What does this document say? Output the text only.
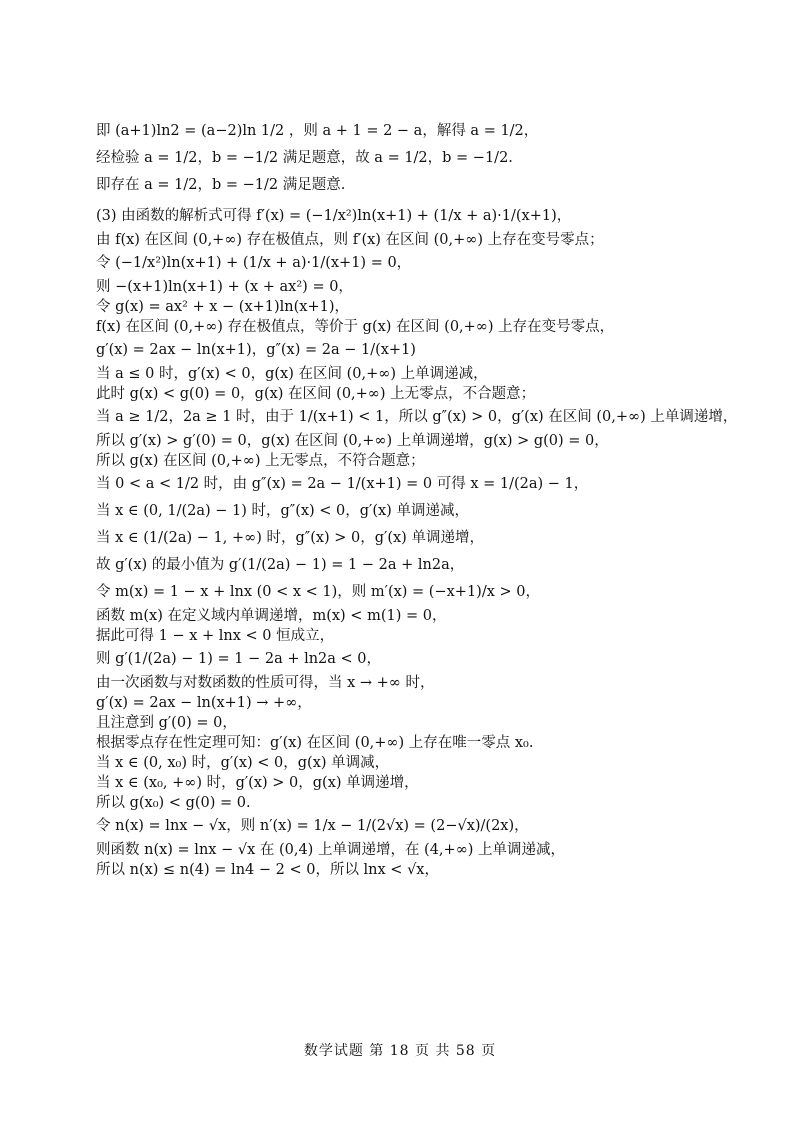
即 (a+1)ln2 = (a−2)ln 1/2 ，则 a + 1 = 2 − a，解得 a = 1/2，
经检验 a = 1/2，b = −1/2 满足题意，故 a = 1/2，b = −1/2.
即存在 a = 1/2，b = −1/2 满足题意.
(3) 由函数的解析式可得 f′(x) = (−1/x²)ln(x+1) + (1/x + a)·1/(x+1)，
由 f(x) 在区间 (0,+∞) 存在极值点，则 f′(x) 在区间 (0,+∞) 上存在变号零点；
令 (−1/x²)ln(x+1) + (1/x + a)·1/(x+1) = 0，
则 −(x+1)ln(x+1) + (x + ax²) = 0，
令 g(x) = ax² + x − (x+1)ln(x+1)，
f(x) 在区间 (0,+∞) 存在极值点，等价于 g(x) 在区间 (0,+∞) 上存在变号零点，
g′(x) = 2ax − ln(x+1)，g″(x) = 2a − 1/(x+1)
当 a ≤ 0 时，g′(x) < 0，g(x) 在区间 (0,+∞) 上单调递减，
此时 g(x) < g(0) = 0，g(x) 在区间 (0,+∞) 上无零点，不合题意；
当 a ≥ 1/2，2a ≥ 1 时，由于 1/(x+1) < 1，所以 g″(x) > 0，g′(x) 在区间 (0,+∞) 上单调递增，
所以 g′(x) > g′(0) = 0，g(x) 在区间 (0,+∞) 上单调递增，g(x) > g(0) = 0，
所以 g(x) 在区间 (0,+∞) 上无零点，不符合题意；
当 0 < a < 1/2 时，由 g″(x) = 2a − 1/(x+1) = 0 可得 x = 1/(2a) − 1，
当 x ∈ (0, 1/(2a) − 1) 时，g″(x) < 0，g′(x) 单调递减，
当 x ∈ (1/(2a) − 1, +∞) 时，g″(x) > 0，g′(x) 单调递增，
故 g′(x) 的最小值为 g′(1/(2a) − 1) = 1 − 2a + ln2a，
令 m(x) = 1 − x + lnx (0 < x < 1)，则 m′(x) = (−x+1)/x > 0，
函数 m(x) 在定义域内单调递增，m(x) < m(1) = 0，
据此可得 1 − x + lnx < 0 恒成立，
则 g′(1/(2a) − 1) = 1 − 2a + ln2a < 0，
由一次函数与对数函数的性质可得，当 x → +∞ 时，
g′(x) = 2ax − ln(x+1) → +∞，
且注意到 g′(0) = 0，
根据零点存在性定理可知：g′(x) 在区间 (0,+∞) 上存在唯一零点 x₀.
当 x ∈ (0, x₀) 时，g′(x) < 0，g(x) 单调减，
当 x ∈ (x₀, +∞) 时，g′(x) > 0，g(x) 单调递增，
所以 g(x₀) < g(0) = 0.
令 n(x) = lnx − √x，则 n′(x) = 1/x − 1/(2√x) = (2−√x)/(2x)，
则函数 n(x) = lnx − √x 在 (0,4) 上单调递增，在 (4,+∞) 上单调递减，
所以 n(x) ≤ n(4) = ln4 − 2 < 0，所以 lnx < √x，
数学试题 第 18 页 共 58 页
